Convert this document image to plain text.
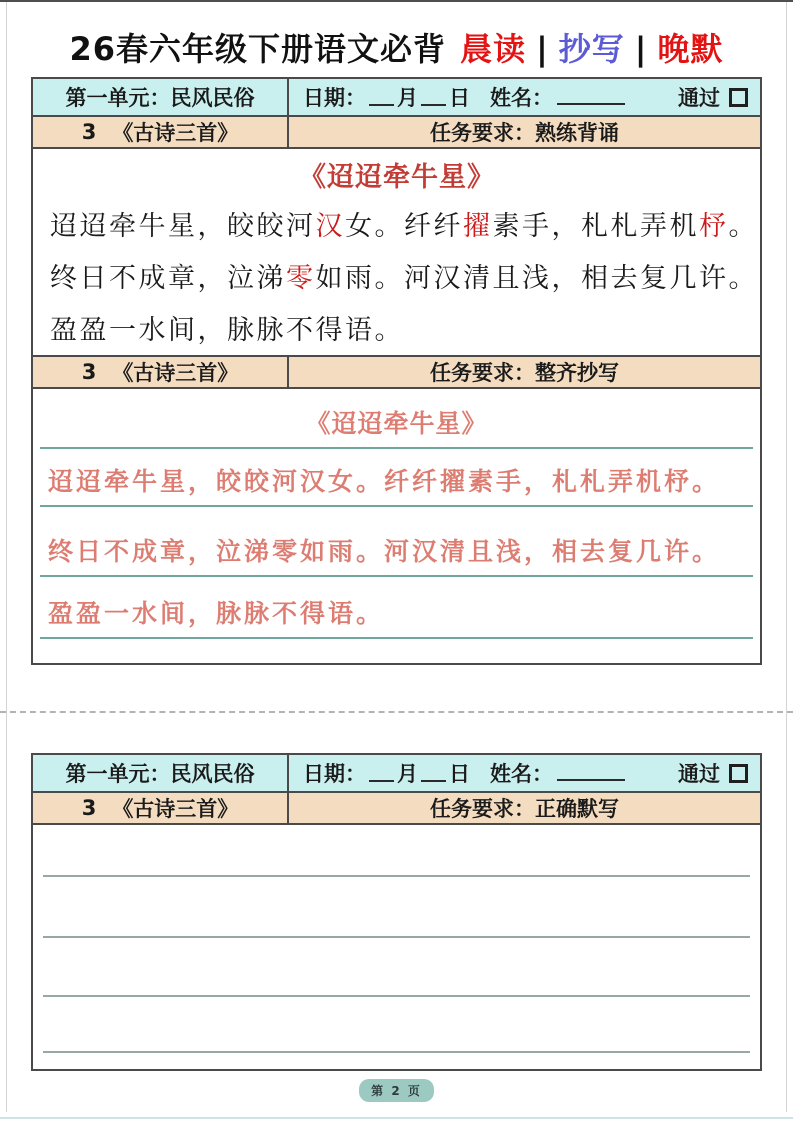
26春六年级下册语文必背 晨读 | 抄写 | 晚默
第一单元：民风民俗	日期： 月 日 姓名：	通过
3 《古诗三首》	任务要求：熟练背诵
《迢迢牵牛星》
迢迢牵牛星，皎皎河汉女。纤纤擢素手，札札弄机杼。
终日不成章，泣涕零如雨。河汉清且浅，相去复几许。
盈盈一水间，脉脉不得语。
3 《古诗三首》	任务要求：整齐抄写
《迢迢牵牛星》
迢迢牵牛星，皎皎河汉女。纤纤擢素手，札札弄机杼。
终日不成章，泣涕零如雨。河汉清且浅，相去复几许。
盈盈一水间，脉脉不得语。
第一单元：民风民俗	日期： 月 日 姓名：	通过
3 《古诗三首》	任务要求：正确默写
第 2 页
